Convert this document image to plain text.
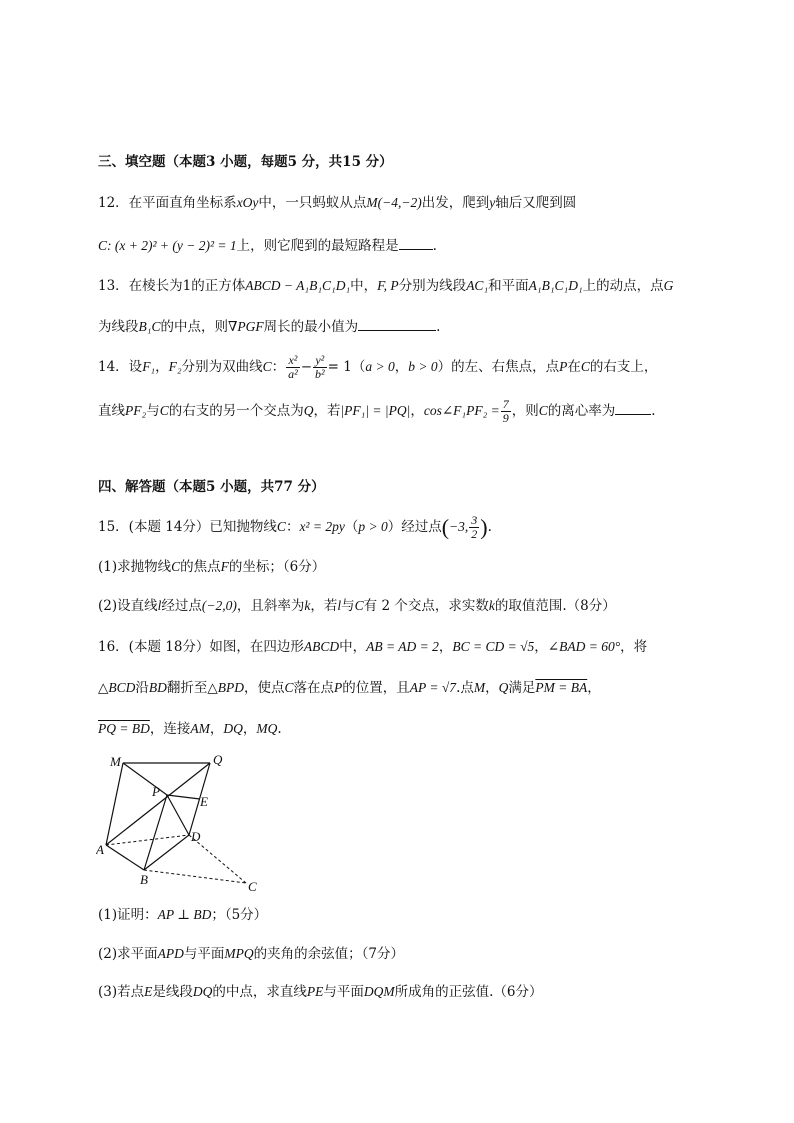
三、填空题（本题3 小题，每题5 分，共15 分）
12．在平面直角坐标系xOy中，一只蚂蚁从点M(−4,−2)出发，爬到y轴后又爬到圆
C: (x + 2)² + (y − 2)² = 1上，则它爬到的最短路程是	.
13．在棱长为1的正方体ABCD − A₁B₁C₁D₁中，F, P分别为线段AC₁和平面A₁B₁C₁D₁上的动点，点G
为线段B₁C的中点，则∇PGF周长的最小值为	.
14．设F₁，F₂分别为双曲线C： $\frac{\text{x²}}{\text{a²}} - \frac{\text{y²}}{\text{b²}} = 1(a > 0$，b > 0）的左、右焦点，点P在C的右支上，
直线PF₂与C的右支的另一个交点为Q，若|PF₁| = |PQ|，cos∠F₁PF₂ = $\frac{7}{9}$ ，则C的离心率为	.
四、解答题（本题5 小题，共77 分）
15．(本题 14分）已知抛物线C：x² = 2py（p > 0）经过点(−3, $\frac{3}{2}$ ).
(1)求抛物线C的焦点F的坐标；（6分）
(2)设直线l经过点(−2,0)，且斜率为k，若l与C有 2 个交点，求实数k的取值范围.（8分）
16．(本题 18分）如图，在四边形ABCD中，AB = AD = 2，BC = CD = √5，∠BAD = 60°，将
△BCD沿BD翻折至△BPD，使点C落在点P的位置，且AP = √7.点M，Q满足PM = BA，
PQ = BD，连接AM，DQ，MQ.
M	Q
P
E
D
A
B	C
(1)证明：AP ⊥ BD；（5分）
(2)求平面APD与平面MPQ的夹角的余弦值；（7分）
(3)若点E是线段DQ的中点，求直线PE与平面DQM所成角的正弦值.（6分）
